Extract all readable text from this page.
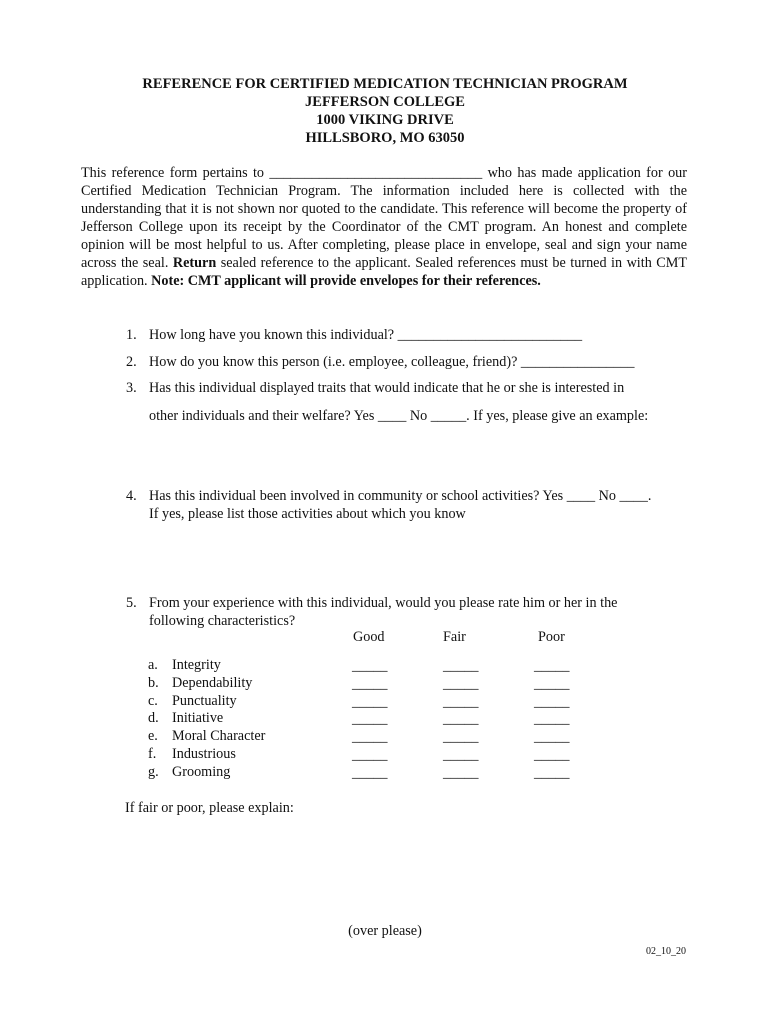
REFERENCE FOR CERTIFIED MEDICATION TECHNICIAN PROGRAM
JEFFERSON COLLEGE
1000 VIKING DRIVE
HILLSBORO, MO 63050
This reference form pertains to ______________________________ who has made application for our Certified Medication Technician Program. The information included here is collected with the understanding that it is not shown nor quoted to the candidate. This reference will become the property of Jefferson College upon its receipt by the Coordinator of the CMT program. An honest and complete opinion will be most helpful to us. After completing, please place in envelope, seal and sign your name across the seal. Return sealed reference to the applicant. Sealed references must be turned in with CMT application. Note: CMT applicant will provide envelopes for their references.
1. How long have you known this individual? __________________________
2. How do you know this person (i.e. employee, colleague, friend)? ________________
3. Has this individual displayed traits that would indicate that he or she is interested in
other individuals and their welfare? Yes ____ No _____. If yes, please give an example:
4. Has this individual been involved in community or school activities? Yes ____ No ____.
If yes, please list those activities about which you know
5. From your experience with this individual, would you please rate him or her in the
following characteristics?
Good	Fair	Poor
a. Integrity	_____	_____	_____
b. Dependability	_____	_____	_____
c. Punctuality	_____	_____	_____
d. Initiative	_____	_____	_____
e. Moral Character	_____	_____	_____
f. Industrious	_____	_____	_____
g. Grooming	_____	_____	_____
If fair or poor, please explain:
(over please)
02_10_20
